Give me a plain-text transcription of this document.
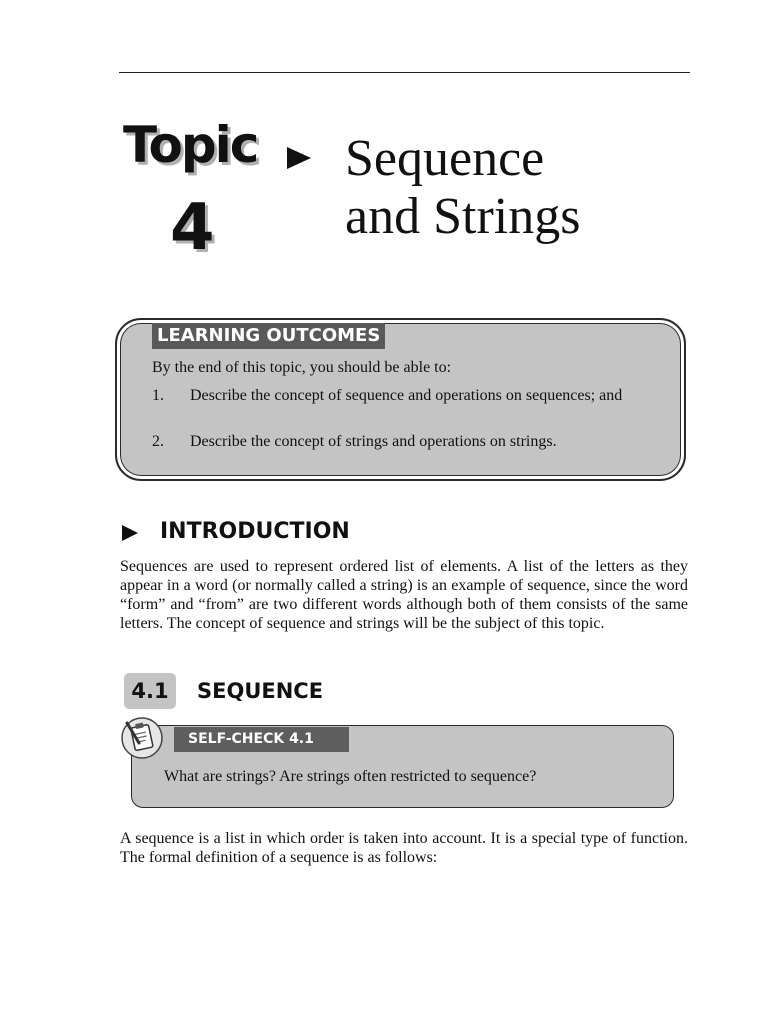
Topic
4
Sequence
and Strings
LEARNING OUTCOMES

By the end of this topic, you should be able to:

1. Describe the concept of sequence and operations on sequences; and
2. Describe the concept of strings and operations on strings.
INTRODUCTION

Sequences are used to represent ordered list of elements. A list of the letters as they appear in a word (or normally called a string) is an example of sequence, since the word “form” and “from” are two different words although both of them consists of the same letters. The concept of sequence and strings will be the subject of this topic.

4.1	SEQUENCE
SELF-CHECK 4.1

What are strings? Are strings often restricted to sequence?

A sequence is a list in which order is taken into account. It is a special type of function. The formal definition of a sequence is as follows:
